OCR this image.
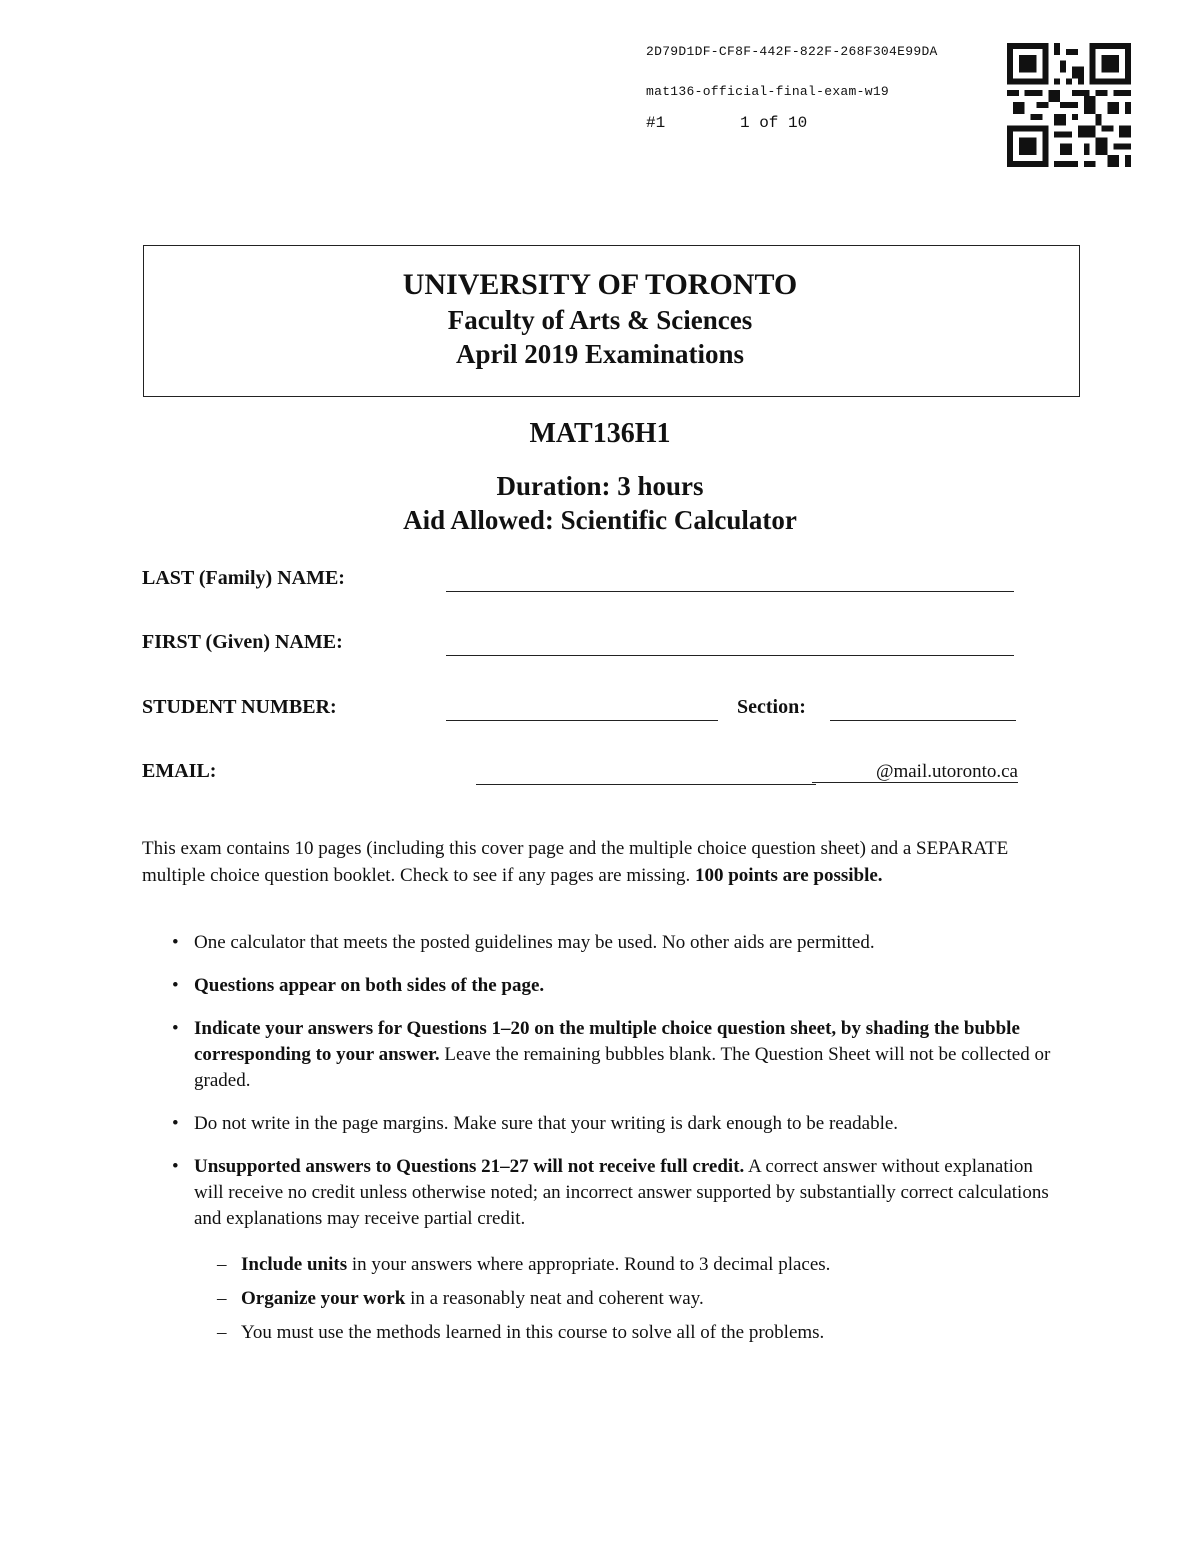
2D79D1DF-CF8F-442F-822F-268F304E99DA
mat136-official-final-exam-w19
#1	1 of 10
UNIVERSITY OF TORONTO
Faculty of Arts & Sciences
April 2019 Examinations
MAT136H1
Duration: 3 hours
Aid Allowed: Scientific Calculator
LAST (Family) NAME:
FIRST (Given) NAME:
STUDENT NUMBER:	Section:
EMAIL:	@mail.utoronto.ca
This exam contains 10 pages (including this cover page and the multiple choice question sheet) and a SEPARATE multiple choice question booklet. Check to see if any pages are missing. 100 points are possible.
• One calculator that meets the posted guidelines may be used. No other aids are permitted.
• Questions appear on both sides of the page.
• Indicate your answers for Questions 1–20 on the multiple choice question sheet, by shading the bubble corresponding to your answer. Leave the remaining bubbles blank. The Question Sheet will not be collected or graded.
• Do not write in the page margins. Make sure that your writing is dark enough to be readable.
• Unsupported answers to Questions 21–27 will not receive full credit. A correct answer without explanation will receive no credit unless otherwise noted; an incorrect answer supported by substantially correct calculations and explanations may receive partial credit.
– Include units in your answers where appropriate. Round to 3 decimal places.
– Organize your work in a reasonably neat and coherent way.
– You must use the methods learned in this course to solve all of the problems.
